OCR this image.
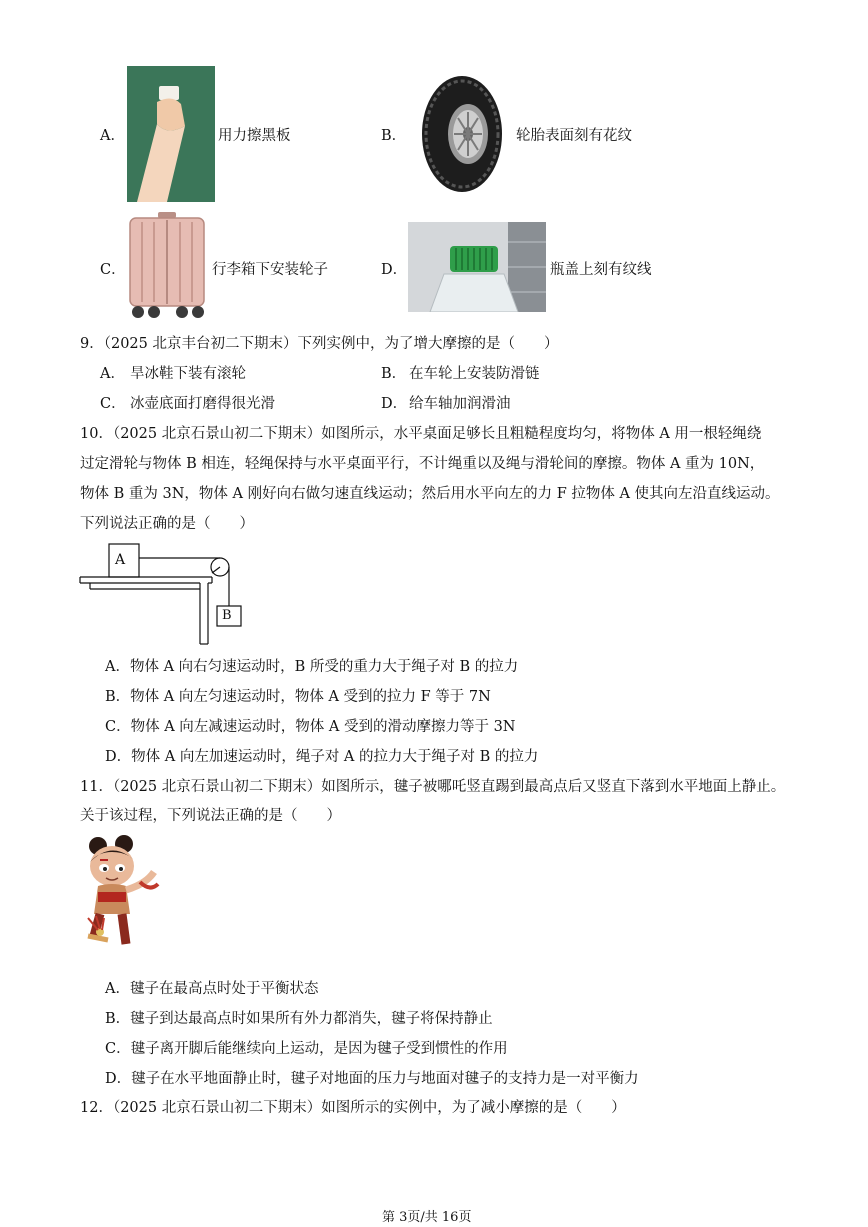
A．	用力擦黑板	B．	轮胎表面刻有花纹
C．	行李箱下安装轮子	D．	瓶盖上刻有纹线
9．（2025 北京丰台初二下期末）下列实例中，为了增大摩擦的是（　　）
A． 旱冰鞋下装有滚轮	B． 在车轮上安装防滑链
C． 冰壶底面打磨得很光滑	D． 给车轴加润滑油
10．（2025 北京石景山初二下期末）如图所示，水平桌面足够长且粗糙程度均匀，将物体 A 用一根轻绳绕
过定滑轮与物体 B 相连，轻绳保持与水平桌面平行，不计绳重以及绳与滑轮间的摩擦。物体 A 重为 10N，
物体 B 重为 3N，物体 A 刚好向右做匀速直线运动；然后用水平向左的力 F 拉物体 A 使其向左沿直线运动。
下列说法正确的是（　　）
A
B
A．物体 A 向右匀速运动时，B 所受的重力大于绳子对 B 的拉力
B．物体 A 向左匀速运动时，物体 A 受到的拉力 F 等于 7N
C．物体 A 向左减速运动时，物体 A 受到的滑动摩擦力等于 3N
D．物体 A 向左加速运动时，绳子对 A 的拉力大于绳子对 B 的拉力
11．（2025 北京石景山初二下期末）如图所示，毽子被哪吒竖直踢到最高点后又竖直下落到水平地面上静止。
关于该过程，下列说法正确的是（　　）
A．毽子在最高点时处于平衡状态
B．毽子到达最高点时如果所有外力都消失，毽子将保持静止
C．毽子离开脚后能继续向上运动，是因为毽子受到惯性的作用
D．毽子在水平地面静止时，毽子对地面的压力与地面对毽子的支持力是一对平衡力
12．（2025 北京石景山初二下期末）如图所示的实例中，为了减小摩擦的是（　　）
第 3页/共 16页
